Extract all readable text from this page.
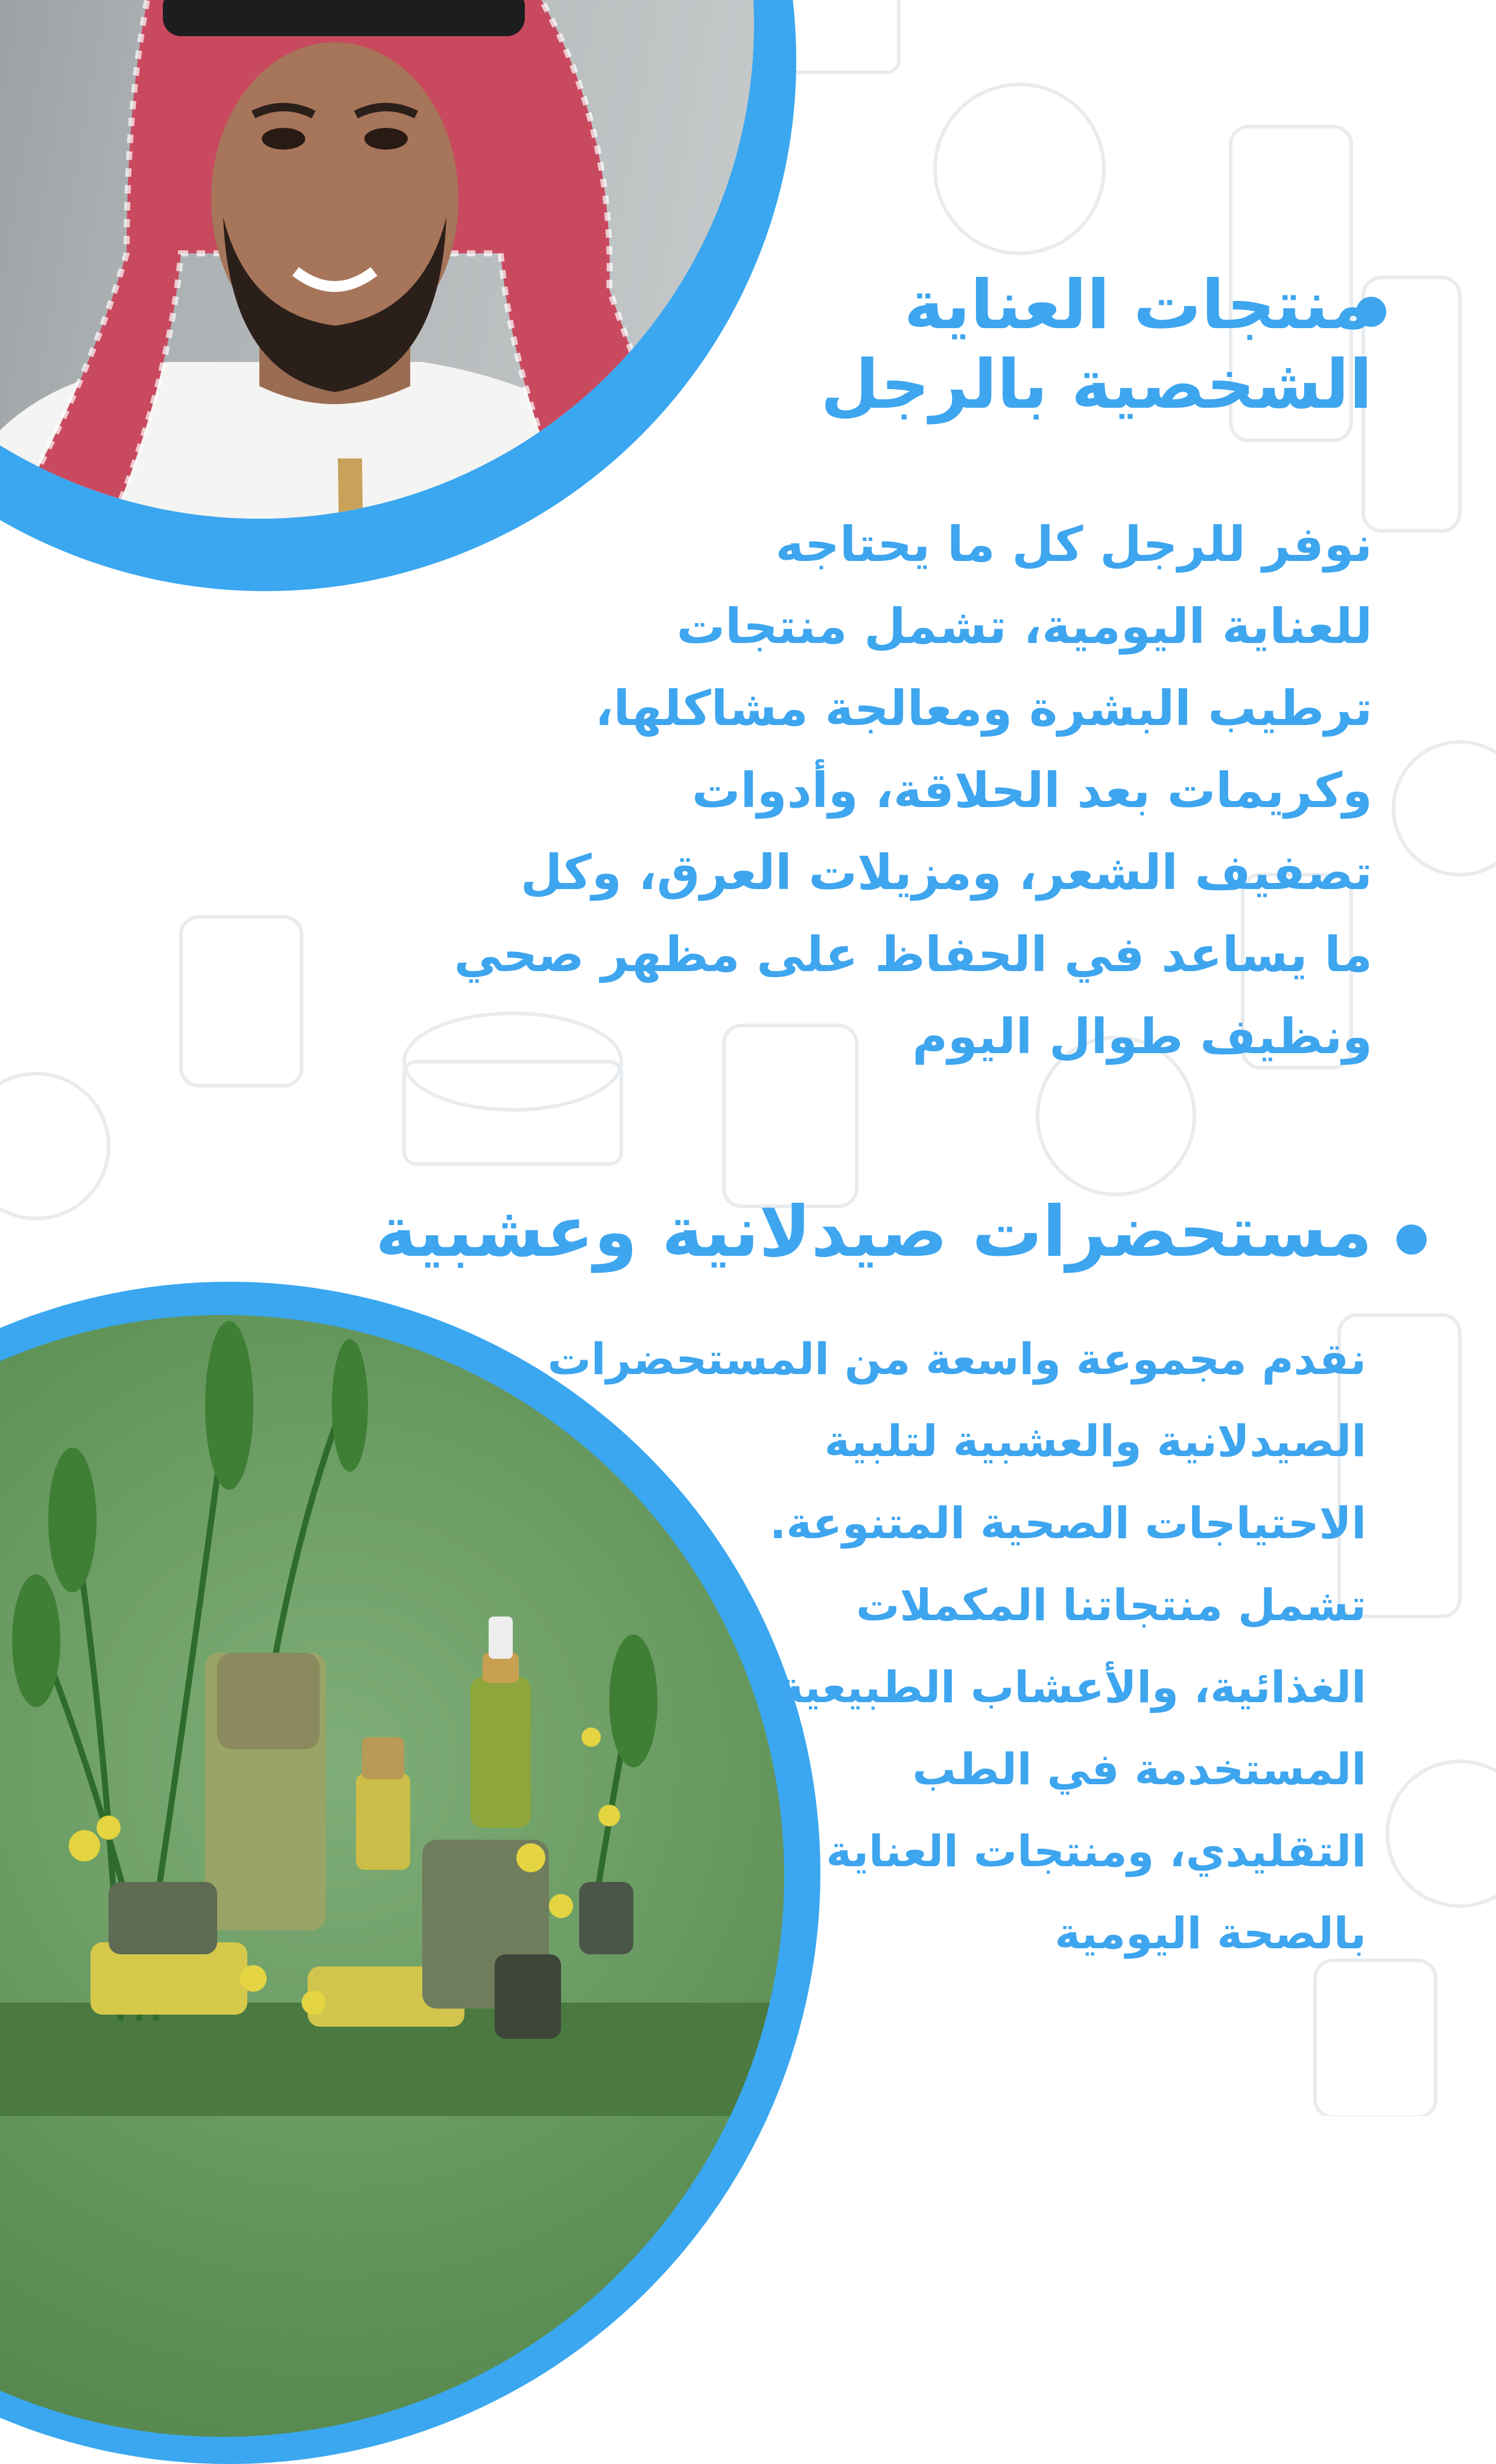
منتجات العناية
الشخصية بالرجل
نوفر للرجل كل ما يحتاجه
للعناية اليومية، تشمل منتجات
ترطيب البشرة ومعالجة مشاكلها،
وكريمات بعد الحلاقة، وأدوات
تصفيف الشعر، ومزيلات العرق، وكل
ما يساعد في الحفاظ على مظهر صحي
ونظيف طوال اليوم
مستحضرات صيدلانية وعشبية
نقدم مجموعة واسعة من المستحضرات
الصيدلانية والعشبية لتلبية
الاحتياجات الصحية المتنوعة.
تشمل منتجاتنا المكملات
الغذائية، والأعشاب الطبيعية
المستخدمة في الطب
التقليدي، ومنتجات العناية
بالصحة اليومية
